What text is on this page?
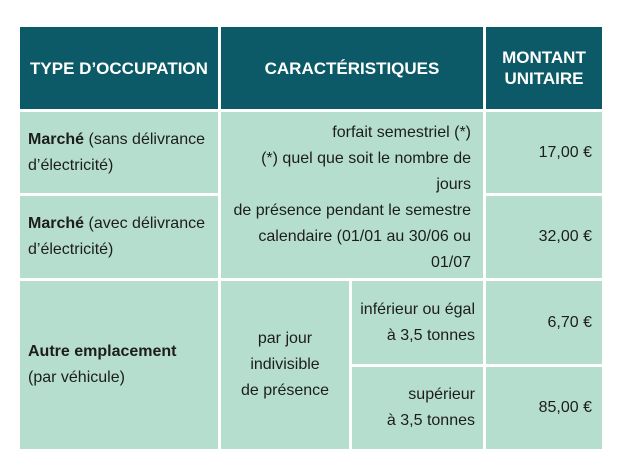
TYPE D’OCCUPATION	CARACTÉRISTIQUES
MONTANT
UNITAIRE
Marché (sans délivrance
d’électricité)
forfait semestriel (*)
(*) quel que soit le nombre de jours
de présence pendant le semestre
calendaire (01/01 au 30/06 ou 01/07
17,00 €
Marché (avec délivrance
d’électricité)
32,00 €
Autre emplacement
(par véhicule)
par jour indivisible
de présence
inférieur ou égal
à 3,5 tonnes
6,70 €
supérieur
à 3,5 tonnes
85,00 €
